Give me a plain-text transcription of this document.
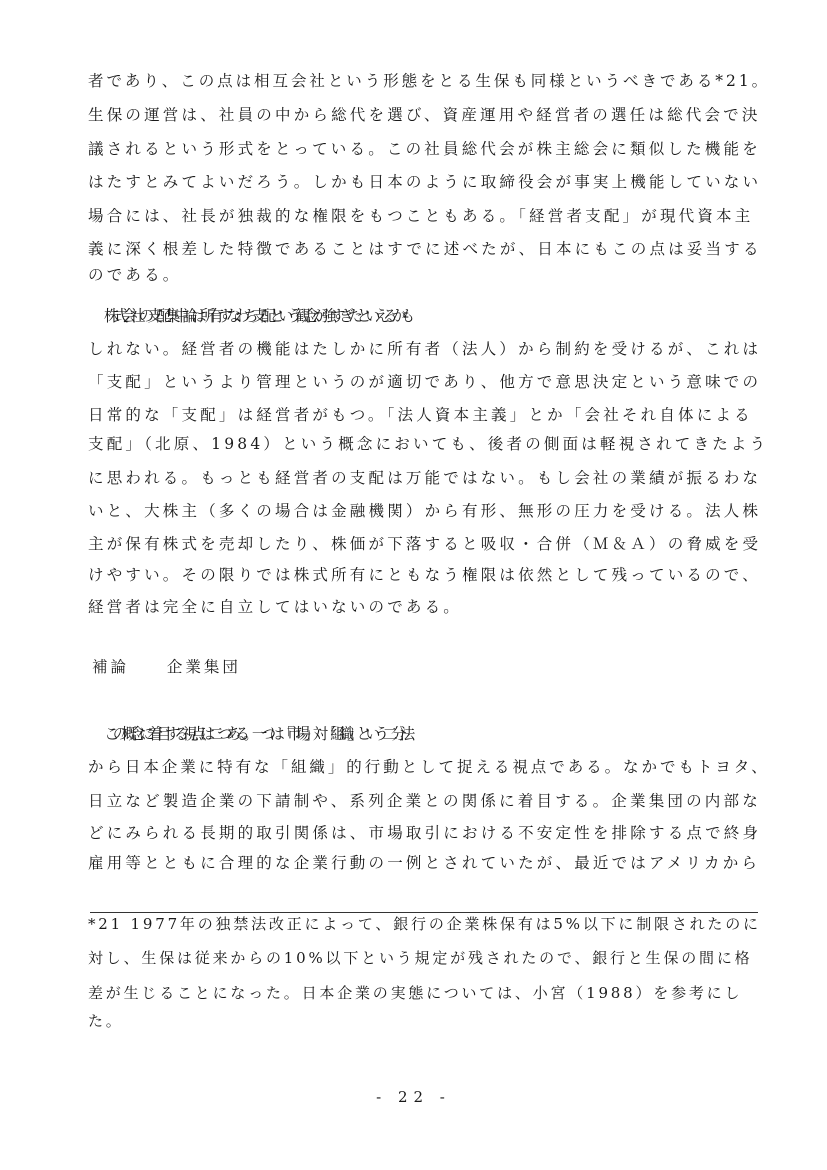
者であり、この点は相互会社という形態をとる生保も同様というべきである*21。
生保の運営は、社員の中から総代を選び、資産運用や経営者の選任は総代会で決
議されるという形式をとっている。この社員総代会が株主総会に類似した機能を
はたすとみてよいだろう。しかも日本のように取締役会が事実上機能していない
場合には、社長が独裁的な権限をもつこともある。「経営者支配」が現代資本主
義に深く根差した特徴であることはすでに述べたが、日本にもこの点は妥当する
のである。
株式会社の支配集中論は所有すなわち支配という観念が強すぎたといえるかも
しれない。経営者の機能はたしかに所有者（法人）から制約を受けるが、これは
「支配」というより管理というのが適切であり、他方で意思決定という意味での
日常的な「支配」は経営者がもつ。「法人資本主義」とか「会社それ自体による
支配」（北原、1984）という概念においても、後者の側面は軽視されてきたよう
に思われる。もっとも経営者の支配は万能ではない。もし会社の業績が振るわな
いと、大株主（多くの場合は金融機関）から有形、無形の圧力を受ける。法人株
主が保有株式を売却したり、株価が下落すると吸収・合併（Ｍ＆Ａ）の脅威を受
けやすい。その限りでは株式所有にともなう権限は依然として残っているので、
経営者は完全に自立してはいないのである。
補論 企業集団
この概念に着目する視点は二つある。一つは「市場」対「組織」という二分法
から日本企業に特有な「組織」的行動として捉える視点である。なかでもトヨタ、
日立など製造企業の下請制や、系列企業との関係に着目する。企業集団の内部な
どにみられる長期的取引関係は、市場取引における不安定性を排除する点で終身
雇用等とともに合理的な企業行動の一例とされていたが、最近ではアメリカから
*21 1977年の独禁法改正によって、銀行の企業株保有は5%以下に制限されたのに
対し、生保は従来からの10%以下という規定が残されたので、銀行と生保の間に格
差が生じることになった。日本企業の実態については、小宮（1988）を参考にし
た。
- 22 -
